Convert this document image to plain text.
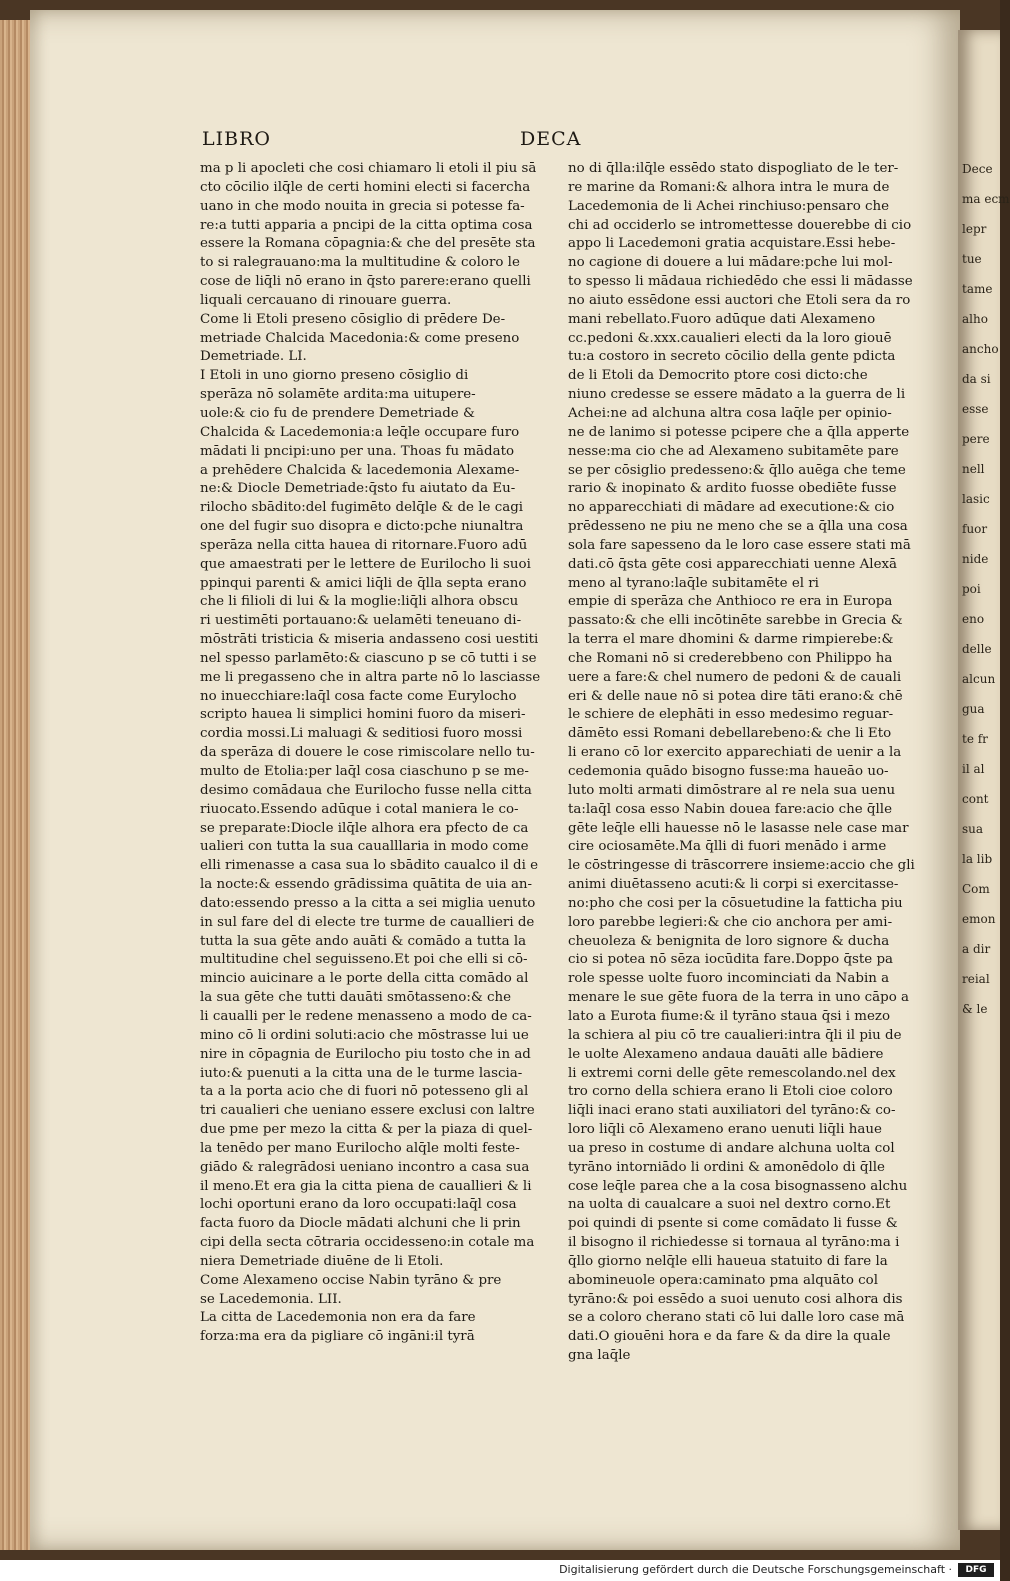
LIBRO	DECA
ma p li apocleti che cosi chiamaro li etoli il piu sā
cto cōcilio ilq̄le de certi homini electi si facercha
uano in che modo nouita in grecia si potesse fa-
re:a tutti apparia a pncipi de la citta optima cosa
essere la Romana cōpagnia:& che del presēte sta
to si ralegrauano:ma la multitudine & coloro le
cose de liq̄li nō erano in q̄sto parere:erano quelli
liquali cercauano di rinouare guerra.
Come li Etoli preseno cōsiglio di prēdere De-
metriade Chalcida Macedonia:& come preseno
Demetriade. LI.
I Etoli in uno giorno preseno cōsiglio di
sperāza nō solamēte ardita:ma uitupere-
uole:& cio fu de prendere Demetriade &
Chalcida & Lacedemonia:a leq̄le occupare furo
mādati li pncipi:uno per una. Thoas fu mādato
a prehēdere Chalcida & lacedemonia Alexame-
ne:& Diocle Demetriade:q̄sto fu aiutato da Eu-
rilocho sbādito:del fugimēto delq̄le & de le cagi
one del fugir suo disopra e dicto:pche niunaltra
sperāza nella citta hauea di ritornare.Fuoro adū
que amaestrati per le lettere de Eurilocho li suoi
ppinqui parenti & amici liq̄li de q̄lla septa erano
che li filioli di lui & la moglie:liq̄li alhora obscu
ri uestimēti portauano:& uelamēti teneuano di-
mōstrāti tristicia & miseria andasseno cosi uestiti
nel spesso parlamēto:& ciascuno p se cō tutti i se
me li pregasseno che in altra parte nō lo lasciasse
no inuecchiare:laq̄l cosa facte come Eurylocho
scripto hauea li simplici homini fuoro da miseri-
cordia mossi.Li maluagi & seditiosi fuoro mossi
da sperāza di douere le cose rimiscolare nello tu-
multo de Etolia:per laq̄l cosa ciaschuno p se me-
desimo comādaua che Eurilocho fusse nella citta
riuocato.Essendo adūque i cotal maniera le co-
se preparate:Diocle ilq̄le alhora era pfecto de ca
ualieri con tutta la sua caualllaria in modo come
elli rimenasse a casa sua lo sbādito caualco il di e
la nocte:& essendo grādissima quātita de uia an-
dato:essendo presso a la citta a sei miglia uenuto
in sul fare del di electe tre turme de cauallieri de
tutta la sua gēte ando auāti & comādo a tutta la
multitudine chel seguisseno.Et poi che elli si cō-
mincio auicinare a le porte della citta comādo al
la sua gēte che tutti dauāti smōtasseno:& che
li caualli per le redene menasseno a modo de ca-
mino cō li ordini soluti:acio che mōstrasse lui ue
nire in cōpagnia de Eurilocho piu tosto che in ad
iuto:& puenuti a la citta una de le turme lascia-
ta a la porta acio che di fuori nō potesseno gli al
tri caualieri che ueniano essere exclusi con laltre
due pme per mezo la citta & per la piaza di quel-
la tenēdo per mano Eurilocho alq̄le molti feste-
giādo & ralegrādosi ueniano incontro a casa sua
il meno.Et era gia la citta piena de cauallieri & li
lochi oportuni erano da loro occupati:laq̄l cosa
facta fuoro da Diocle mādati alchuni che li prin
cipi della secta cōtraria occidesseno:in cotale ma
niera Demetriade diuēne de li Etoli.
Come Alexameno occise Nabin tyrāno & pre
se Lacedemonia. LII.
La citta de Lacedemonia non era da fare
forza:ma era da pigliare cō ingāni:il tyrā
no di q̄lla:ilq̄le essēdo stato dispogliato de le ter-
re marine da Romani:& alhora intra le mura de
Lacedemonia de li Achei rinchiuso:pensaro che
chi ad occiderlo se intromettesse douerebbe di cio
appo li Lacedemoni gratia acquistare.Essi hebe-
no cagione di douere a lui mādare:pche lui mol-
to spesso li mādaua richiedēdo che essi li mādasse
no aiuto essēdone essi auctori che Etoli sera da ro
mani rebellato.Fuoro adūque dati Alexameno
cc.pedoni &.xxx.caualieri electi da la loro giouē
tu:a costoro in secreto cōcilio della gente pdicta
de li Etoli da Democrito ptore cosi dicto:che
niuno credesse se essere mādato a la guerra de li
Achei:ne ad alchuna altra cosa laq̄le per opinio-
ne de lanimo si potesse pcipere che a q̄lla apperte
nesse:ma cio che ad Alexameno subitamēte pare
se per cōsiglio predesseno:& q̄llo auēga che teme
rario & inopinato & ardito fuosse obediēte fusse
no apparecchiati di mādare ad executione:& cio
prēdesseno ne piu ne meno che se a q̄lla una cosa
sola fare sapesseno da le loro case essere stati mā
dati.cō q̄sta gēte cosi apparecchiati uenne Alexā
meno al tyrano:laq̄le subitamēte el ri
empie di sperāza che Anthioco re era in Europa
passato:& che elli incōtinēte sarebbe in Grecia &
la terra el mare dhomini & darme rimpierebe:&
che Romani nō si crederebbeno con Philippo ha
uere a fare:& chel numero de pedoni & de cauali
eri & delle naue nō si potea dire tāti erano:& chē
le schiere de elephāti in esso medesimo reguar-
dāmēto essi Romani debellarebeno:& che li Eto
li erano cō lor exercito apparechiati de uenir a la
cedemonia quādo bisogno fusse:ma haueāo uo-
luto molti armati dimōstrare al re nela sua uenu
ta:laq̄l cosa esso Nabin douea fare:acio che q̄lle
gēte leq̄le elli hauesse nō le lasasse nele case mar
cire ociosamēte.Ma q̄lli di fuori menādo i arme
le cōstringesse di trāscorrere insieme:accio che gli
animi diuētasseno acuti:& li corpi si exercitasse-
no:pho che cosi per la cōsuetudine la fatticha piu
loro parebbe legieri:& che cio anchora per ami-
cheuoleza & benignita de loro signore & ducha
cio si potea nō sēza iocūdita fare.Doppo q̄ste pa
role spesse uolte fuoro incominciati da Nabin a
menare le sue gēte fuora de la terra in uno cāpo a
lato a Eurota fiume:& il tyrāno staua q̄si i mezo
la schiera al piu cō tre caualieri:intra q̄li il piu de
le uolte Alexameno andaua dauāti alle bādiere
li extremi corni delle gēte remescolando.nel dex
tro corno della schiera erano li Etoli cioe coloro
liq̄li inaci erano stati auxiliatori del tyrāno:& co-
loro liq̄li cō Alexameno erano uenuti liq̄li haue
ua preso in costume di andare alchuna uolta col
tyrāno intorniādo li ordini & amonēdolo di q̄lle
cose leq̄le parea che a la cosa bisognasseno alchu
na uolta di caualcare a suoi nel dextro corno.Et
poi quindi di psente si come comādato li fusse &
il bisogno il richiedesse si tornaua al tyrāno:ma i
q̄llo giorno nelq̄le elli haueua statuito di fare la
abomineuole opera:caminato pma alquāto col
tyrāno:& poi essēdo a suoi uenuto cosi alhora dis
se a coloro cherano stati cō lui dalle loro case mā
dati.O giouēni hora e da fare & da dire la quale
gna laq̄le
Dece
ma ecm
lepr
tue
tame
alho
ancho
da si
esse
pere
nell
lasic
fuor
nide
poi
eno
delle
alcun
gua
te fr
il al
cont
sua
la lib
Com
emon
a dir
reial
& le
Digitalisierung gefördert durch die Deutsche Forschungsgemeinschaft ·	DFG
